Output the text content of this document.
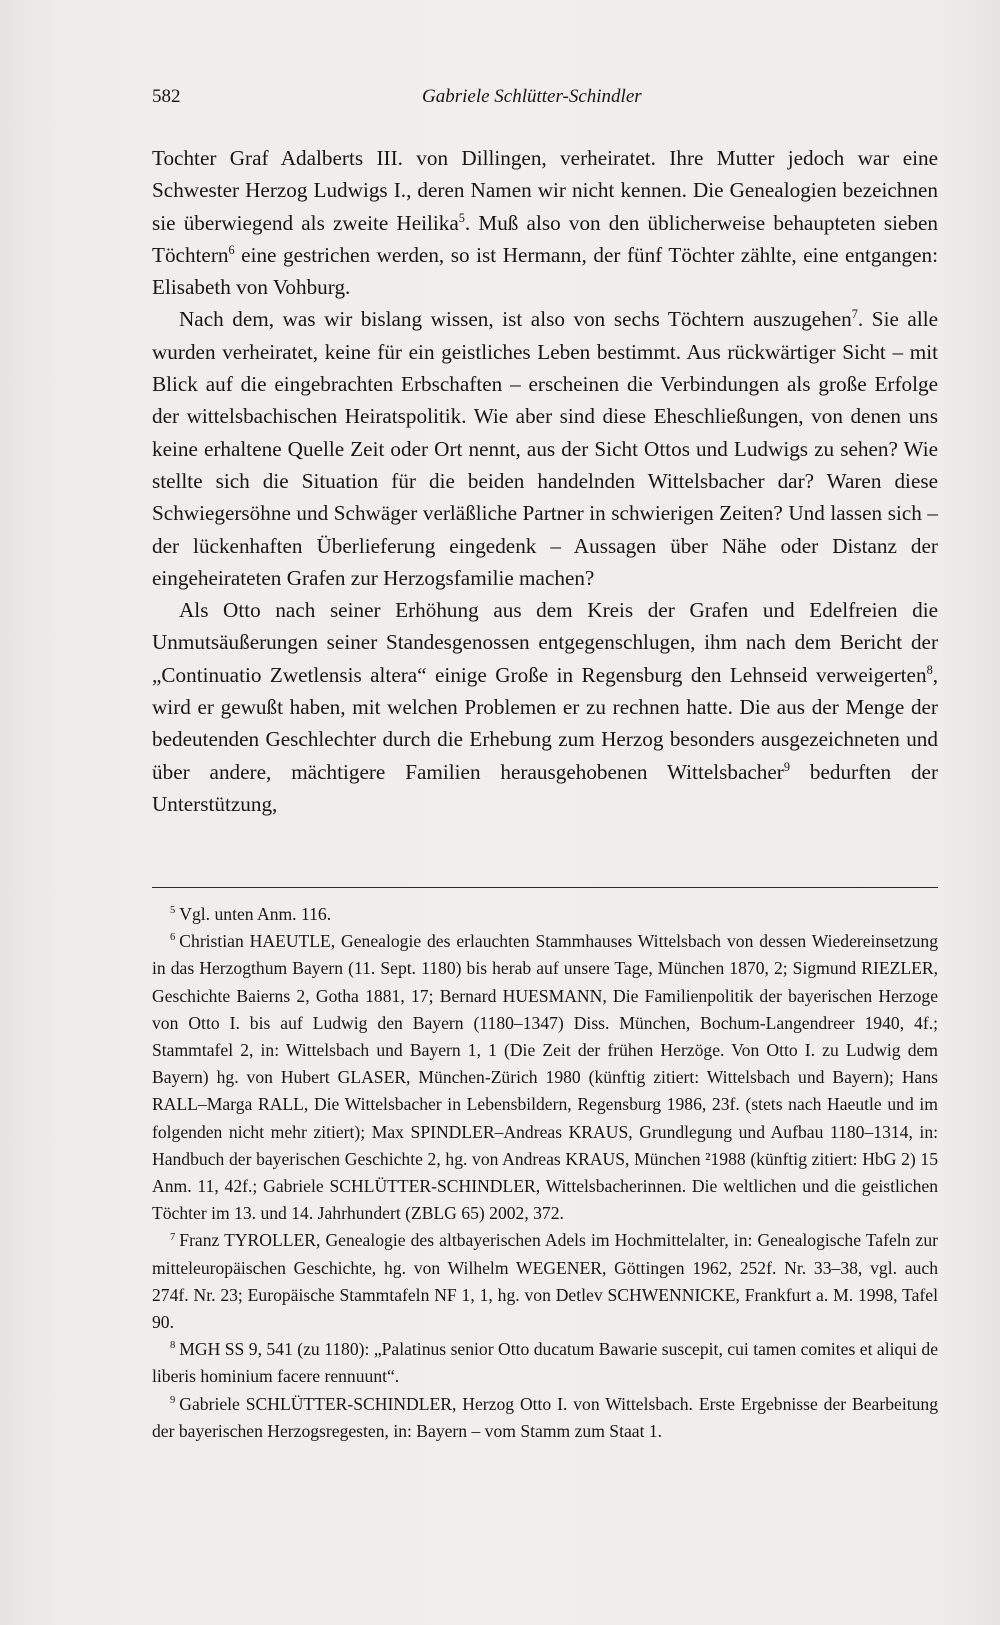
582	Gabriele Schlütter-Schindler

Tochter Graf Adalberts III. von Dillingen, verheiratet. Ihre Mutter jedoch war eine Schwester Herzog Ludwigs I., deren Namen wir nicht kennen. Die Genealogien bezeichnen sie überwiegend als zweite Heilika$^5$. Muß also von den üblicherweise behaupteten sieben Töchtern$^6$ eine gestrichen werden, so ist Hermann, der fünf Töchter zählte, eine entgangen: Elisabeth von Vohburg.

Nach dem, was wir bislang wissen, ist also von sechs Töchtern auszugehen$^7$. Sie alle wurden verheiratet, keine für ein geistliches Leben bestimmt. Aus rückwärtiger Sicht – mit Blick auf die eingebrachten Erbschaften – erscheinen die Verbindungen als große Erfolge der wittelsbachischen Heiratspolitik. Wie aber sind diese Eheschließungen, von denen uns keine erhaltene Quelle Zeit oder Ort nennt, aus der Sicht Ottos und Ludwigs zu sehen? Wie stellte sich die Situation für die beiden handelnden Wittelsbacher dar? Waren diese Schwiegersöhne und Schwäger verläßliche Partner in schwierigen Zeiten? Und lassen sich – der lückenhaften Überlieferung eingedenk – Aussagen über Nähe oder Distanz der eingeheirateten Grafen zur Herzogsfamilie machen?

Als Otto nach seiner Erhöhung aus dem Kreis der Grafen und Edelfreien die Unmutsäußerungen seiner Standesgenossen entgegenschlugen, ihm nach dem Bericht der „Continuatio Zwetlensis altera“ einige Große in Regensburg den Lehnseid verweigerten$^8$, wird er gewußt haben, mit welchen Problemen er zu rechnen hatte. Die aus der Menge der bedeutenden Geschlechter durch die Erhebung zum Herzog besonders ausgezeichneten und über andere, mächtigere Familien herausgehobenen Wittelsbacher$^9$ bedurften der Unterstützung,

$^5$ Vgl. unten Anm. 116.

$^6$ Christian HAEUTLE, Genealogie des erlauchten Stammhauses Wittelsbach von dessen Wiedereinsetzung in das Herzogthum Bayern (11. Sept. 1180) bis herab auf unsere Tage, München 1870, 2; Sigmund RIEZLER, Geschichte Baierns 2, Gotha 1881, 17; Bernard HUESMANN, Die Familienpolitik der bayerischen Herzoge von Otto I. bis auf Ludwig den Bayern (1180–1347) Diss. München, Bochum-Langendreer 1940, 4f.; Stammtafel 2, in: Wittelsbach und Bayern 1, 1 (Die Zeit der frühen Herzöge. Von Otto I. zu Ludwig dem Bayern) hg. von Hubert GLASER, München-Zürich 1980 (künftig zitiert: Wittelsbach und Bayern); Hans RALL–Marga RALL, Die Wittelsbacher in Lebensbildern, Regensburg 1986, 23f. (stets nach Haeutle und im folgenden nicht mehr zitiert); Max SPINDLER–Andreas KRAUS, Grundlegung und Aufbau 1180–1314, in: Handbuch der bayerischen Geschichte 2, hg. von Andreas KRAUS, München ²1988 (künftig zitiert: HbG 2) 15 Anm. 11, 42f.; Gabriele SCHLÜTTER-SCHINDLER, Wittelsbacherinnen. Die weltlichen und die geistlichen Töchter im 13. und 14. Jahrhundert (ZBLG 65) 2002, 372.

$^7$ Franz TYROLLER, Genealogie des altbayerischen Adels im Hochmittelalter, in: Genealogische Tafeln zur mitteleuropäischen Geschichte, hg. von Wilhelm WEGENER, Göttingen 1962, 252f. Nr. 33–38, vgl. auch 274f. Nr. 23; Europäische Stammtafeln NF 1, 1, hg. von Detlev SCHWENNICKE, Frankfurt a. M. 1998, Tafel 90.

$^8$ MGH SS 9, 541 (zu 1180): „Palatinus senior Otto ducatum Bawarie suscepit, cui tamen comites et aliqui de liberis hominium facere rennuunt“.

$^9$ Gabriele SCHLÜTTER-SCHINDLER, Herzog Otto I. von Wittelsbach. Erste Ergebnisse der Bearbeitung der bayerischen Herzogsregesten, in: Bayern – vom Stamm zum Staat 1.
